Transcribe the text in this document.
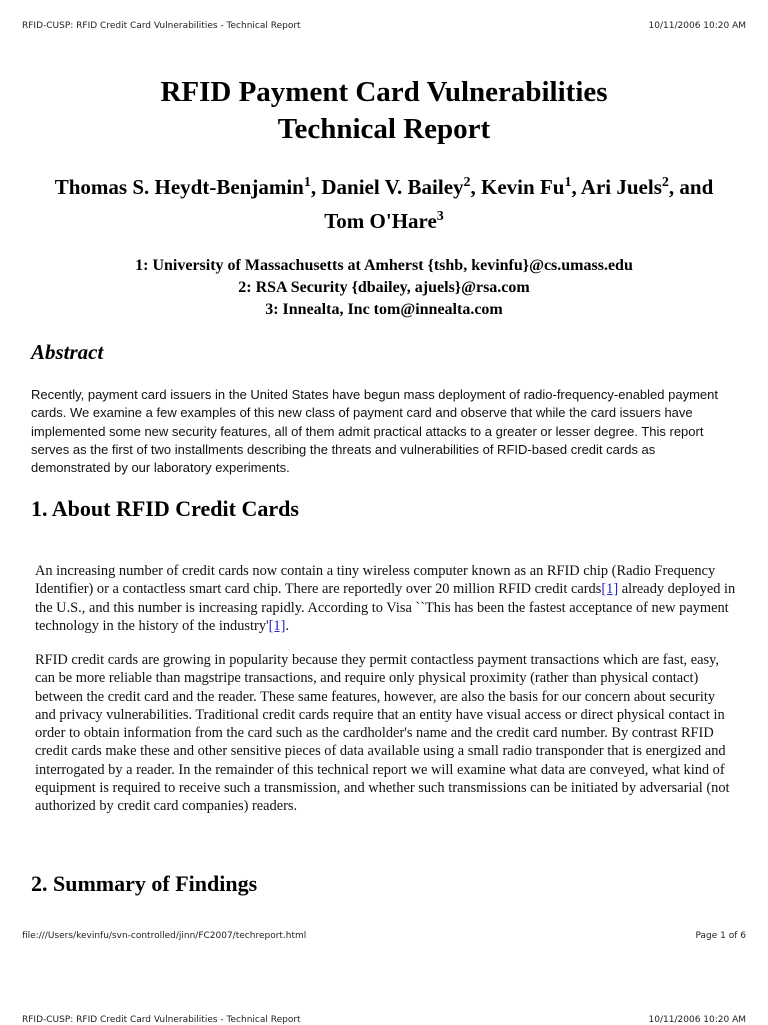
RFID-CUSP: RFID Credit Card Vulnerabilities - Technical Report	10/11/2006 10:20 AM
RFID Payment Card Vulnerabilities
Technical Report
Thomas S. Heydt-Benjamin$^1$, Daniel V. Bailey$^2$, Kevin Fu$^1$, Ari Juels$^2$, and Tom O'Hare$^3$
1: University of Massachusetts at Amherst {tshb, kevinfu}@cs.umass.edu
2: RSA Security {dbailey, ajuels}@rsa.com
3: Innealta, Inc tom@innealta.com
Abstract
Recently, payment card issuers in the United States have begun mass deployment of radio-frequency-enabled payment cards. We examine a few examples of this new class of payment card and observe that while the card issuers have implemented some new security features, all of them admit practical attacks to a greater or lesser degree. This report serves as the first of two installments describing the threats and vulnerabilities of RFID-based credit cards as demonstrated by our laboratory experiments.
1. About RFID Credit Cards
An increasing number of credit cards now contain a tiny wireless computer known as an RFID chip (Radio Frequency Identifier) or a contactless smart card chip. There are reportedly over 20 million RFID credit cards[1] already deployed in the U.S., and this number is increasing rapidly. According to Visa ``This has been the fastest acceptance of new payment technology in the history of the industry'[1].
RFID credit cards are growing in popularity because they permit contactless payment transactions which are fast, easy, can be more reliable than magstripe transactions, and require only physical proximity (rather than physical contact) between the credit card and the reader. These same features, however, are also the basis for our concern about security and privacy vulnerabilities. Traditional credit cards require that an entity have visual access or direct physical contact in order to obtain information from the card such as the cardholder's name and the credit card number. By contrast RFID credit cards make these and other sensitive pieces of data available using a small radio transponder that is energized and interrogated by a reader. In the remainder of this technical report we will examine what data are conveyed, what kind of equipment is required to receive such a transmission, and whether such transmissions can be initiated by adversarial (not authorized by credit card companies) readers.
2. Summary of Findings
file:///Users/kevinfu/svn-controlled/jinn/FC2007/techreport.html	Page 1 of 6
RFID-CUSP: RFID Credit Card Vulnerabilities - Technical Report	10/11/2006 10:20 AM
